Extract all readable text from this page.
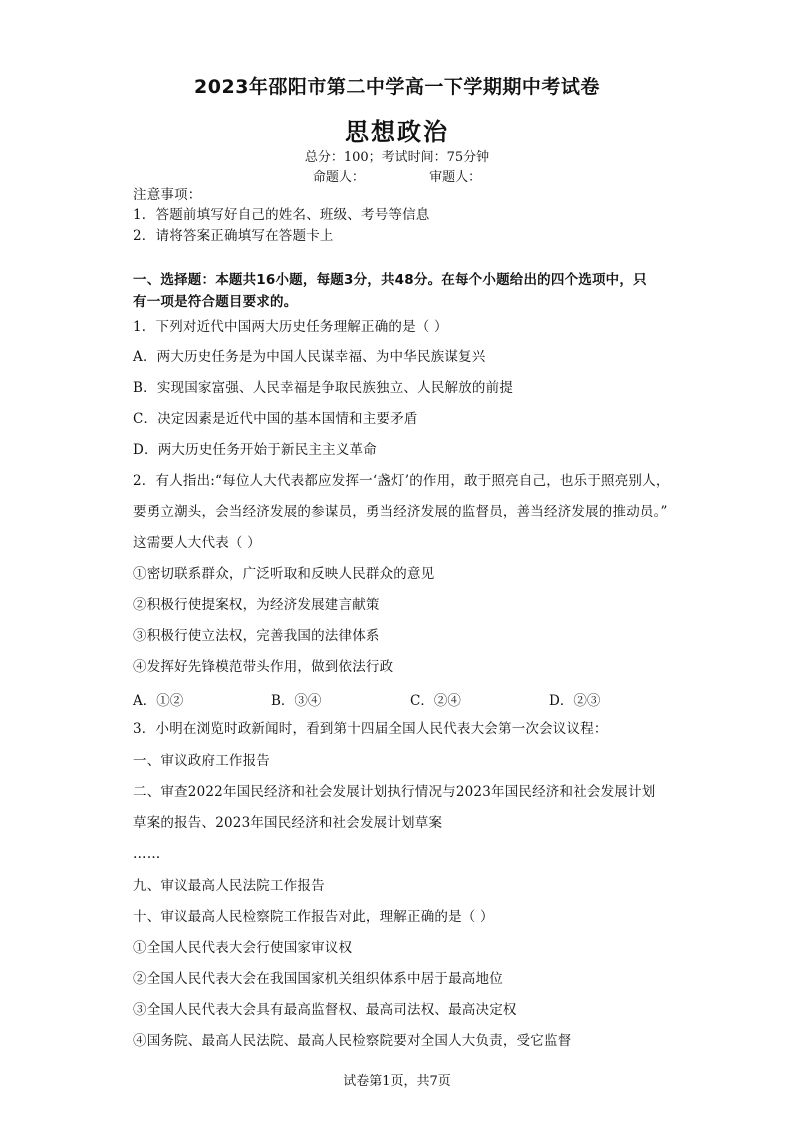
2023年邵阳市第二中学高一下学期期中考试卷
思想政治
总分：100；考试时间：75分钟
命题人：	审题人：
注意事项：
1．答题前填写好自己的姓名、班级、考号等信息
2．请将答案正确填写在答题卡上
一、选择题：本题共16小题，每题3分，共48分。在每个小题给出的四个选项中，只
有一项是符合题目要求的。
1．下列对近代中国两大历史任务理解正确的是（ ）
A．两大历史任务是为中国人民谋幸福、为中华民族谋复兴
B．实现国家富强、人民幸福是争取民族独立、人民解放的前提
C．决定因素是近代中国的基本国情和主要矛盾
D．两大历史任务开始于新民主主义革命
2．有人指出:“每位人大代表都应发挥一‘盏灯’的作用，敢于照亮自己，也乐于照亮别人，
要勇立潮头，会当经济发展的参谋员，勇当经济发展的监督员，善当经济发展的推动员。”
这需要人大代表（ ）
①密切联系群众，广泛听取和反映人民群众的意见
②积极行使提案权，为经济发展建言献策
③积极行使立法权，完善我国的法律体系
④发挥好先锋模范带头作用，做到依法行政
A．①②	B．③④	C．②④	D．②③
3．小明在浏览时政新闻时，看到第十四届全国人民代表大会第一次会议议程：
一、审议政府工作报告
二、审查2022年国民经济和社会发展计划执行情况与2023年国民经济和社会发展计划
草案的报告、2023年国民经济和社会发展计划草案
……
九、审议最高人民法院工作报告
十、审议最高人民检察院工作报告对此，理解正确的是（ ）
①全国人民代表大会行使国家审议权
②全国人民代表大会在我国国家机关组织体系中居于最高地位
③全国人民代表大会具有最高监督权、最高司法权、最高决定权
④国务院、最高人民法院、最高人民检察院要对全国人大负责，受它监督
试卷第1页，共7页
